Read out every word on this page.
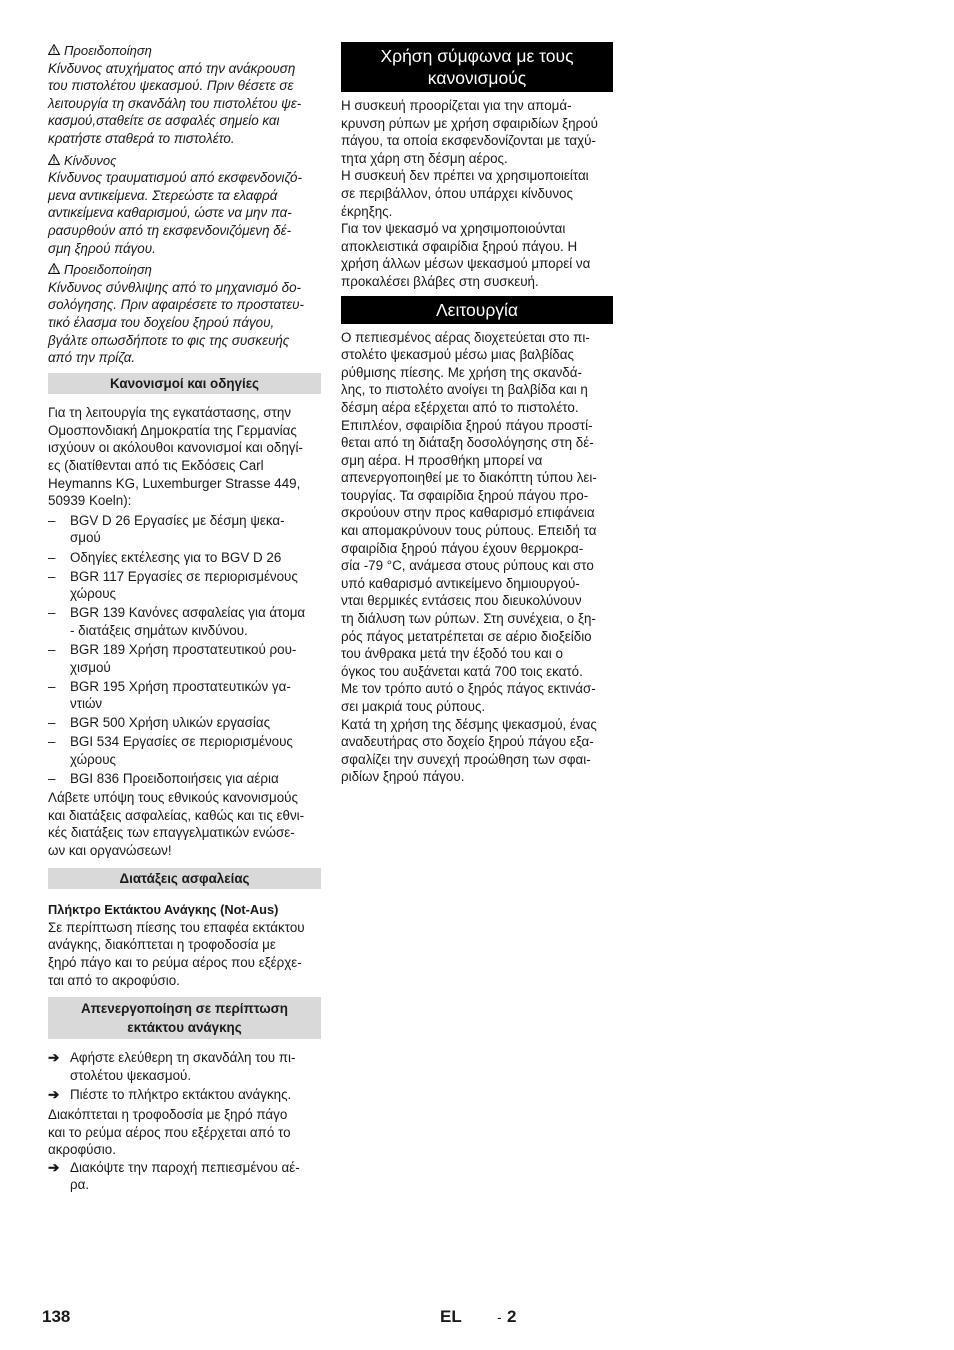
Προειδοποίηση
Κίνδυνος ατυχήματος από την ανάκρουση
του πιστολέτου ψεκασμού. Πριν θέσετε σε
λειτουργία τη σκανδάλη του πιστολέτου ψε-
κασμού,σταθείτε σε ασφαλές σημείο και
κρατήστε σταθερά το πιστολέτο.
Κίνδυνος
Κίνδυνος τραυματισμού από εκσφενδονιζό-
μενα αντικείμενα. Στερεώστε τα ελαφρά
αντικείμενα καθαρισμού, ώστε να μην πα-
ρασυρθούν από τη εκσφενδονιζόμενη δέ-
σμη ξηρού πάγου.
Προειδοποίηση
Κίνδυνος σύνθλιψης από το μηχανισμό δο-
σολόγησης. Πριν αφαιρέσετε το προστατευ-
τικό έλασμα του δοχείου ξηρού πάγου,
βγάλτε οπωσδήποτε το φις της συσκευής
από την πρίζα.
Κανονισμοί και οδηγίες
Για τη λειτουργία της εγκατάστασης, στην
Ομοσπονδιακή Δημοκρατία της Γερμανίας
ισχύουν οι ακόλουθοι κανονισμοί και οδηγί-
ες (διατίθενται από τις Εκδόσεις Carl
Heymanns KG, Luxemburger Strasse 449,
50939 Koeln):
– BGV D 26 Εργασίες με δέσμη ψεκα-
σμού
– Οδηγίες εκτέλεσης για το BGV D 26
– BGR 117 Εργασίες σε περιορισμένους
χώρους
– BGR 139 Κανόνες ασφαλείας για άτομα
- διατάξεις σημάτων κινδύνου.
– BGR 189 Χρήση προστατευτικού ρου-
χισμού
– BGR 195 Χρήση προστατευτικών γα-
ντιών
– BGR 500 Χρήση υλικών εργασίας
– BGI 534 Εργασίες σε περιορισμένους
χώρους
– BGI 836 Προειδοποιήσεις για αέρια
Λάβετε υπόψη τους εθνικούς κανονισμούς
και διατάξεις ασφαλείας, καθώς και τις εθνι-
κές διατάξεις των επαγγελματικών ενώσε-
ων και οργανώσεων!
Διατάξεις ασφαλείας
Πλήκτρο Εκτάκτου Ανάγκης (Not-Aus)
Σε περίπτωση πίεσης του επαφέα εκτάκτου
ανάγκης, διακόπτεται η τροφοδοσία με
ξηρό πάγο και το ρεύμα αέρος που εξέρχε-
ται από το ακροφύσιο.
Απενεργοποίηση σε περίπτωση
εκτάκτου ανάγκης
➔ Αφήστε ελεύθερη τη σκανδάλη του πι-
στολέτου ψεκασμού.
➔ Πιέστε το πλήκτρο εκτάκτου ανάγκης.
Διακόπτεται η τροφοδοσία με ξηρό πάγο
και το ρεύμα αέρος που εξέρχεται από το
ακροφύσιο.
➔ Διακόψτε την παροχή πεπιεσμένου αέ-
ρα.
Χρήση σύμφωνα με τους
κανονισμούς
Η συσκευή προορίζεται για την απομά-
κρυνση ρύπων με χρήση σφαιριδίων ξηρού
πάγου, τα οποία εκσφενδονίζονται με ταχύ-
τητα χάρη στη δέσμη αέρος.
Η συσκευή δεν πρέπει να χρησιμοποιείται
σε περιβάλλον, όπου υπάρχει κίνδυνος
έκρηξης.
Για τον ψεκασμό να χρησιμοποιούνται
αποκλειστικά σφαιρίδια ξηρού πάγου. Η
χρήση άλλων μέσων ψεκασμού μπορεί να
προκαλέσει βλάβες στη συσκευή.
Λειτουργία
Ο πεπιεσμένος αέρας διοχετεύεται στο πι-
στολέτο ψεκασμού μέσω μιας βαλβίδας
ρύθμισης πίεσης. Με χρήση της σκανδά-
λης, το πιστολέτο ανοίγει τη βαλβίδα και η
δέσμη αέρα εξέρχεται από το πιστολέτο.
Επιπλέον, σφαιρίδια ξηρού πάγου προστί-
θεται από τη διάταξη δοσολόγησης στη δέ-
σμη αέρα. Η προσθήκη μπορεί να
απενεργοποιηθεί με το διακόπτη τύπου λει-
τουργίας. Τα σφαιρίδια ξηρού πάγου προ-
σκρούουν στην προς καθαρισμό επιφάνεια
και απομακρύνουν τους ρύπους. Επειδή τα
σφαιρίδια ξηρού πάγου έχουν θερμοκρα-
σία -79 °C, ανάμεσα στους ρύπους και στο
υπό καθαρισμό αντικείμενο δημιουργού-
νται θερμικές εντάσεις που διευκολύνουν
τη διάλυση των ρύπων. Στη συνέχεια, ο ξη-
ρός πάγος μετατρέπεται σε αέριο διοξείδιο
του άνθρακα μετά την έξοδό του και ο
όγκος του αυξάνεται κατά 700 τοις εκατό.
Με τον τρόπο αυτό ο ξηρός πάγος εκτινάσ-
σει μακριά τους ρύπους.
Κατά τη χρήση της δέσμης ψεκασμού, ένας
αναδευτήρας στο δοχείο ξηρού πάγου εξα-
σφαλίζει την συνεχή προώθηση των σφαι-
ριδίων ξηρού πάγου.
138	EL	- 2
